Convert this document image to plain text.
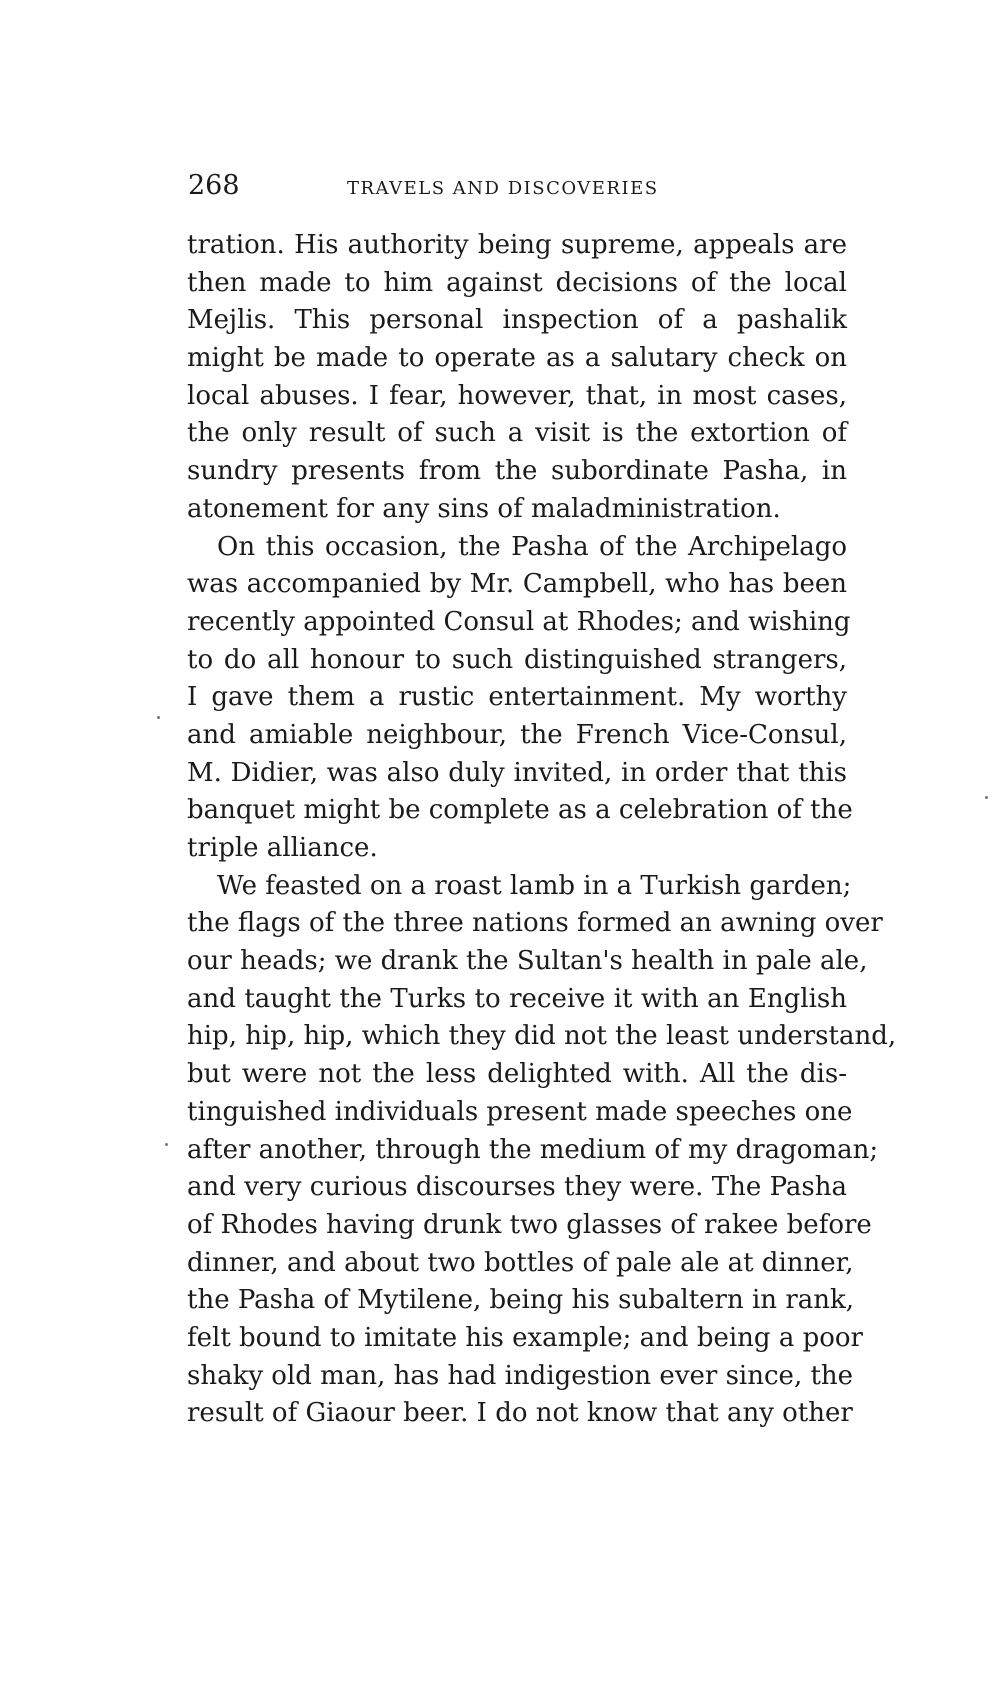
268	TRAVELS AND DISCOVERIES
tration. His authority being supreme, appeals are
then made to him against decisions of the local
Mejlis. This personal inspection of a pashalik
might be made to operate as a salutary check on
local abuses. I fear, however, that, in most cases,
the only result of such a visit is the extortion of
sundry presents from the subordinate Pasha, in
atonement for any sins of maladministration.
On this occasion, the Pasha of the Archipelago
was accompanied by Mr. Campbell, who has been
recently appointed Consul at Rhodes; and wishing
to do all honour to such distinguished strangers,
I gave them a rustic entertainment. My worthy
and amiable neighbour, the French Vice-Consul,
M. Didier, was also duly invited, in order that this
banquet might be complete as a celebration of the
triple alliance.
We feasted on a roast lamb in a Turkish garden;
the flags of the three nations formed an awning over
our heads; we drank the Sultan's health in pale ale,
and taught the Turks to receive it with an English
hip, hip, hip, which they did not the least understand,
but were not the less delighted with. All the dis-
tinguished individuals present made speeches one
after another, through the medium of my dragoman;
and very curious discourses they were. The Pasha
of Rhodes having drunk two glasses of rakee before
dinner, and about two bottles of pale ale at dinner,
the Pasha of Mytilene, being his subaltern in rank,
felt bound to imitate his example; and being a poor
shaky old man, has had indigestion ever since, the
result of Giaour beer. I do not know that any other
